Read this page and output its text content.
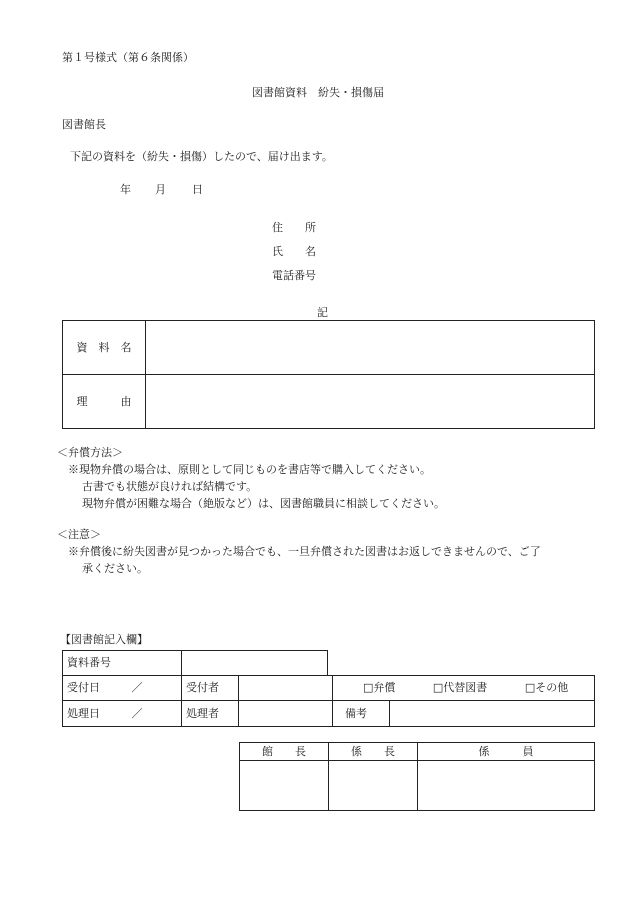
第１号様式（第６条関係）
図書館資料　紛失・損傷届
図書館長
下記の資料を（紛失・損傷）したので、届け出ます。
年 月 日
住　　所
氏　　名
電話番号
記
資　料　名	
理　　　由	
＜弁償方法＞
※現物弁償の場合は、原則として同じものを書店等で購入してください。
古書でも状態が良ければ結構です。
現物弁償が困難な場合（絶版など）は、図書館職員に相談してください。
＜注意＞
※弁償後に紛失図書が見つかった場合でも、一旦弁償された図書はお返しできませんので、ご了
承ください。
【図書館記入欄】
資料番号	
受付日 ／	受付者		□弁償 □代替図書 □その他
処理日 ／	処理者		備考
館　　長	係　　長	係　　　員
